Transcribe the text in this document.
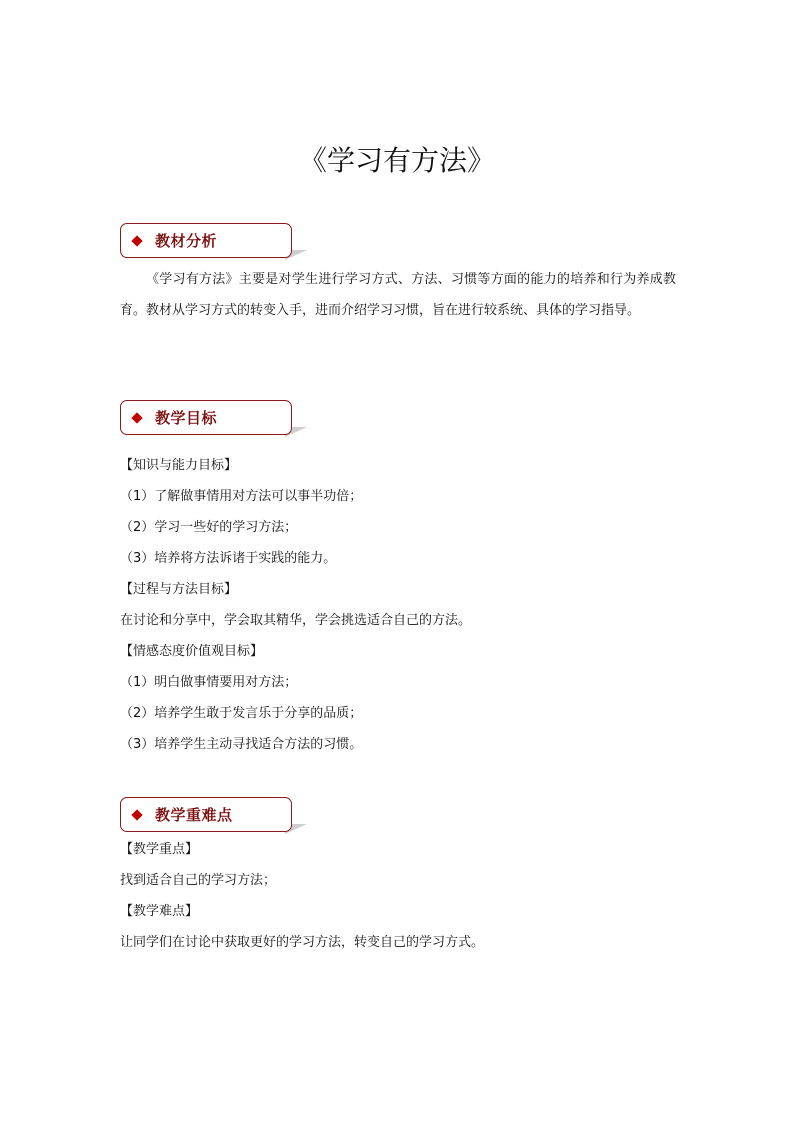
《学习有方法》
教材分析

《学习有方法》主要是对学生进行学习方式、方法、习惯等方面的能力的培养和行为养成教育。教材从学习方式的转变入手，进而介绍学习习惯，旨在进行较系统、具体的学习指导。

教学目标

【知识与能力目标】

（1）了解做事情用对方法可以事半功倍；

（2）学习一些好的学习方法；

（3）培养将方法诉诸于实践的能力。

【过程与方法目标】

在讨论和分享中，学会取其精华，学会挑选适合自己的方法。

【情感态度价值观目标】

（1）明白做事情要用对方法；

（2）培养学生敢于发言乐于分享的品质；

（3）培养学生主动寻找适合方法的习惯。

教学重难点

【教学重点】

找到适合自己的学习方法；

【教学难点】

让同学们在讨论中获取更好的学习方法，转变自己的学习方式。
